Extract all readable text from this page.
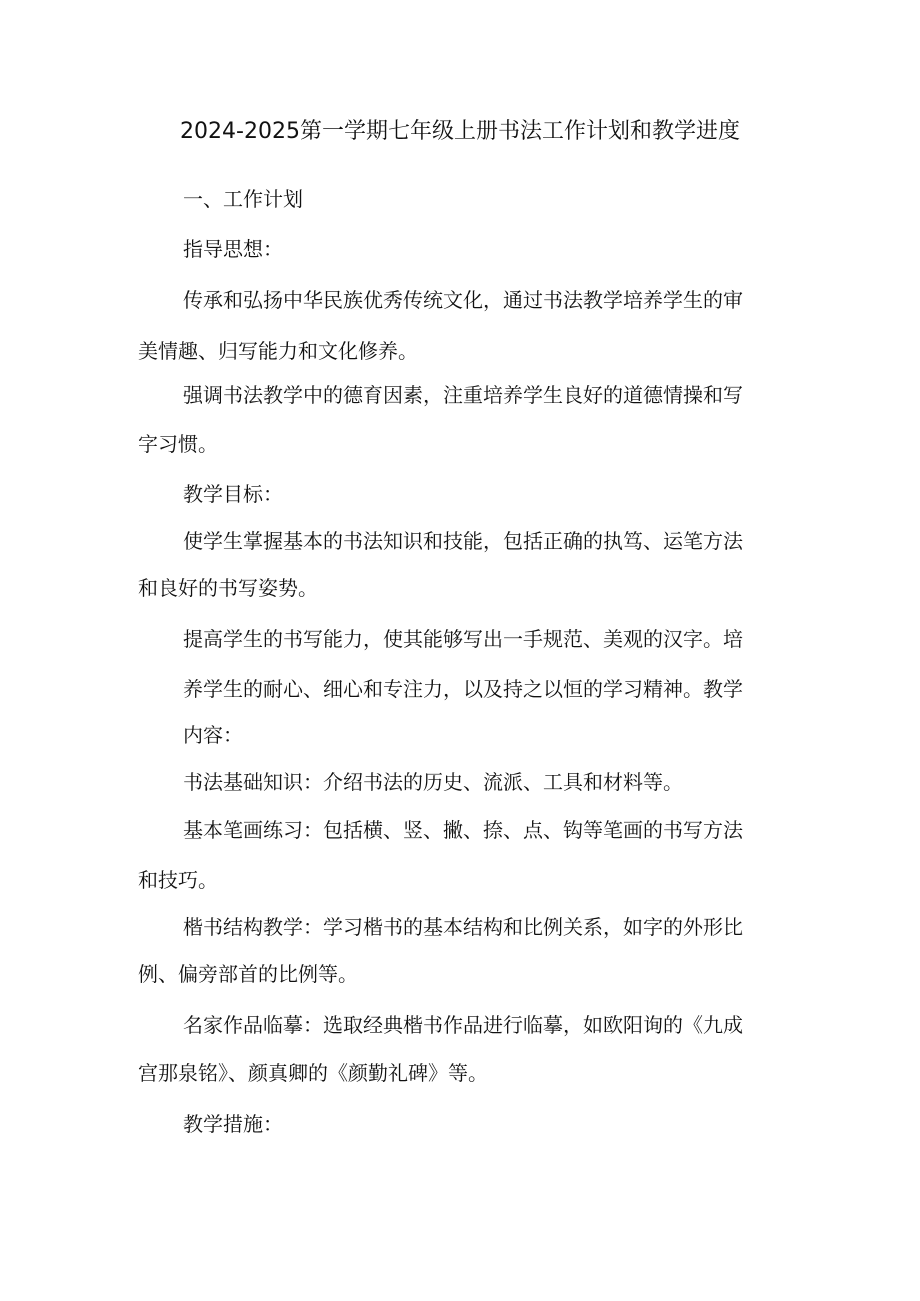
2024-2025第一学期七年级上册书法工作计划和教学进度
一、工作计划
指导思想：
传承和弘扬中华民族优秀传统文化，通过书法教学培养学生的审
美情趣、归写能力和文化修养。
强调书法教学中的德育因素，注重培养学生良好的道德情操和写
字习惯。
教学目标：
使学生掌握基本的书法知识和技能，包括正确的执笃、运笔方法
和良好的书写姿势。
提高学生的书写能力，使其能够写出一手规范、美观的汉字。培
养学生的耐心、细心和专注力，以及持之以恒的学习精神。教学
内容：
书法基础知识：介绍书法的历史、流派、工具和材料等。
基本笔画练习：包括横、竖、撇、捺、点、钩等笔画的书写方法
和技巧。
楷书结构教学：学习楷书的基本结构和比例关系，如字的外形比
例、偏旁部首的比例等。
名家作品临摹：选取经典楷书作品进行临摹，如欧阳询的《九成
宫那泉铭》、颜真卿的《颜勤礼碑》等。
教学措施：
